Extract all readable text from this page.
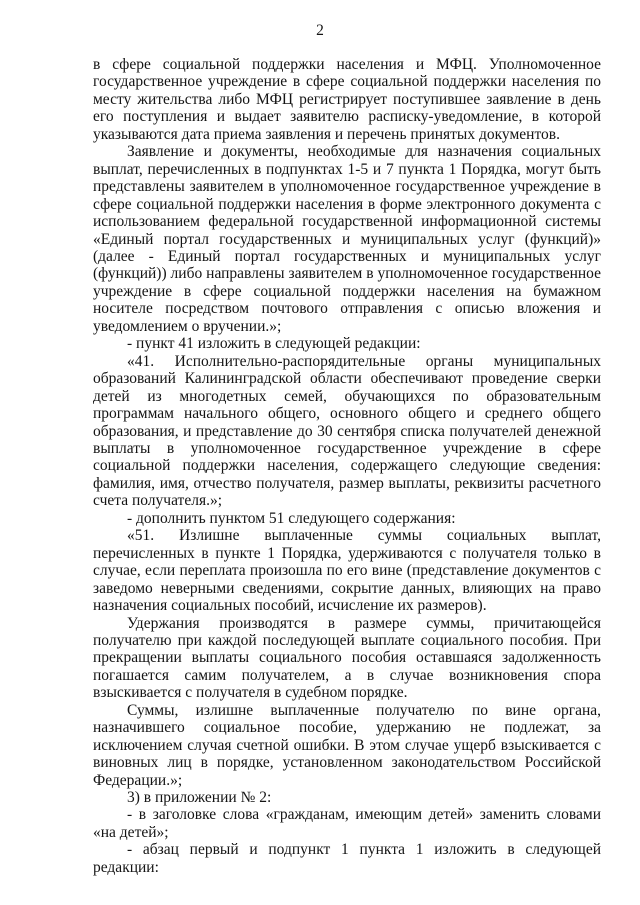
2

в сфере социальной поддержки населения и МФЦ. Уполномоченное государственное учреждение в сфере социальной поддержки населения по месту жительства либо МФЦ регистрирует поступившее заявление в день его поступления и выдает заявителю расписку-уведомление, в которой указываются дата приема заявления и перечень принятых документов.

Заявление и документы, необходимые для назначения социальных выплат, перечисленных в подпунктах 1-5 и 7 пункта 1 Порядка, могут быть представлены заявителем в уполномоченное государственное учреждение в сфере социальной поддержки населения в форме электронного документа с использованием федеральной государственной информационной системы «Единый портал государственных и муниципальных услуг (функций)» (далее - Единый портал государственных и муниципальных услуг (функций)) либо направлены заявителем в уполномоченное государственное учреждение в сфере социальной поддержки населения на бумажном носителе посредством почтового отправления с описью вложения и уведомлением о вручении.»;

- пункт 41 изложить в следующей редакции:

«41. Исполнительно-распорядительные органы муниципальных образований Калининградской области обеспечивают проведение сверки детей из многодетных семей, обучающихся по образовательным программам начального общего, основного общего и среднего общего образования, и представление до 30 сентября списка получателей денежной выплаты в уполномоченное государственное учреждение в сфере социальной поддержки населения, содержащего следующие сведения: фамилия, имя, отчество получателя, размер выплаты, реквизиты расчетного счета получателя.»;

- дополнить пунктом 51 следующего содержания:

«51. Излишне выплаченные суммы социальных выплат, перечисленных в пункте 1 Порядка, удерживаются с получателя только в случае, если переплата произошла по его вине (представление документов с заведомо неверными сведениями, сокрытие данных, влияющих на право назначения социальных пособий, исчисление их размеров).

Удержания производятся в размере суммы, причитающейся получателю при каждой последующей выплате социального пособия. При прекращении выплаты социального пособия оставшаяся задолженность погашается самим получателем, а в случае возникновения спора взыскивается с получателя в судебном порядке.

Суммы, излишне выплаченные получателю по вине органа, назначившего социальное пособие, удержанию не подлежат, за исключением случая счетной ошибки. В этом случае ущерб взыскивается с виновных лиц в порядке, установленном законодательством Российской Федерации.»;

3) в приложении № 2:

- в заголовке слова «гражданам, имеющим детей» заменить словами «на детей»;

- абзац первый и подпункт 1 пункта 1 изложить в следующей редакции:
